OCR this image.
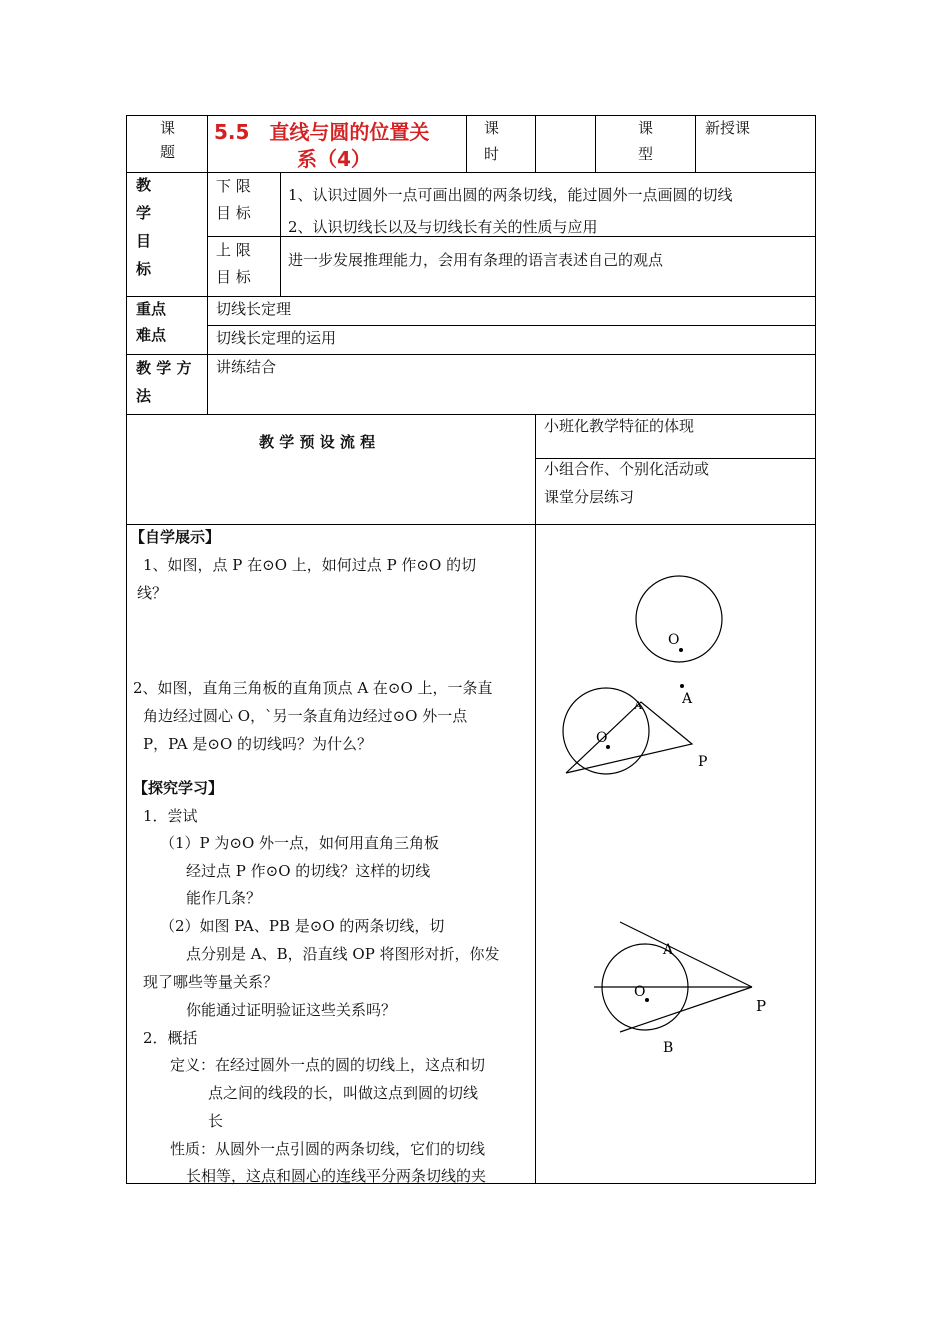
课
题
5.5　直线与圆的位置关
系（4）
课
时
课
型
新授课
教
学
目
标
下 限
目 标
1、认识过圆外一点可画出圆的两条切线，能过圆外一点画圆的切线
2、认识切线长以及与切线长有关的性质与应用
上 限
目 标
进一步发展推理能力，会用有条理的语言表述自己的观点
重点
难点
切线长定理
切线长定理的运用
教 学 方
法
讲练结合
教 学 预 设 流 程
小班化教学特征的体现
小组合作、个别化活动或
课堂分层练习
【自学展示】
1、如图，点 P 在⊙O 上，如何过点 P 作⊙O 的切
线？
2、如图，直角三角板的直角顶点 A 在⊙O 上，一条直
角边经过圆心 O，`另一条直角边经过⊙O 外一点
P，PA 是⊙O 的切线吗？为什么？
【探究学习】
1．尝试
（1）P 为⊙O 外一点，如何用直角三角板
经过点 P 作⊙O 的切线？这样的切线
能作几条？
（2）如图 PA、PB 是⊙O 的两条切线，切
点分别是 A、B，沿直线 OP 将图形对折，你发
现了哪些等量关系？
你能通过证明验证这些关系吗？
2．概括
定义：在经过圆外一点的圆的切线上，这点和切
点之间的线段的长，叫做这点到圆的切线
长
性质：从圆外一点引圆的两条切线，它们的切线
长相等，这点和圆心的连线平分两条切线的夹
O
A
O
A
P
O
A
B
P
